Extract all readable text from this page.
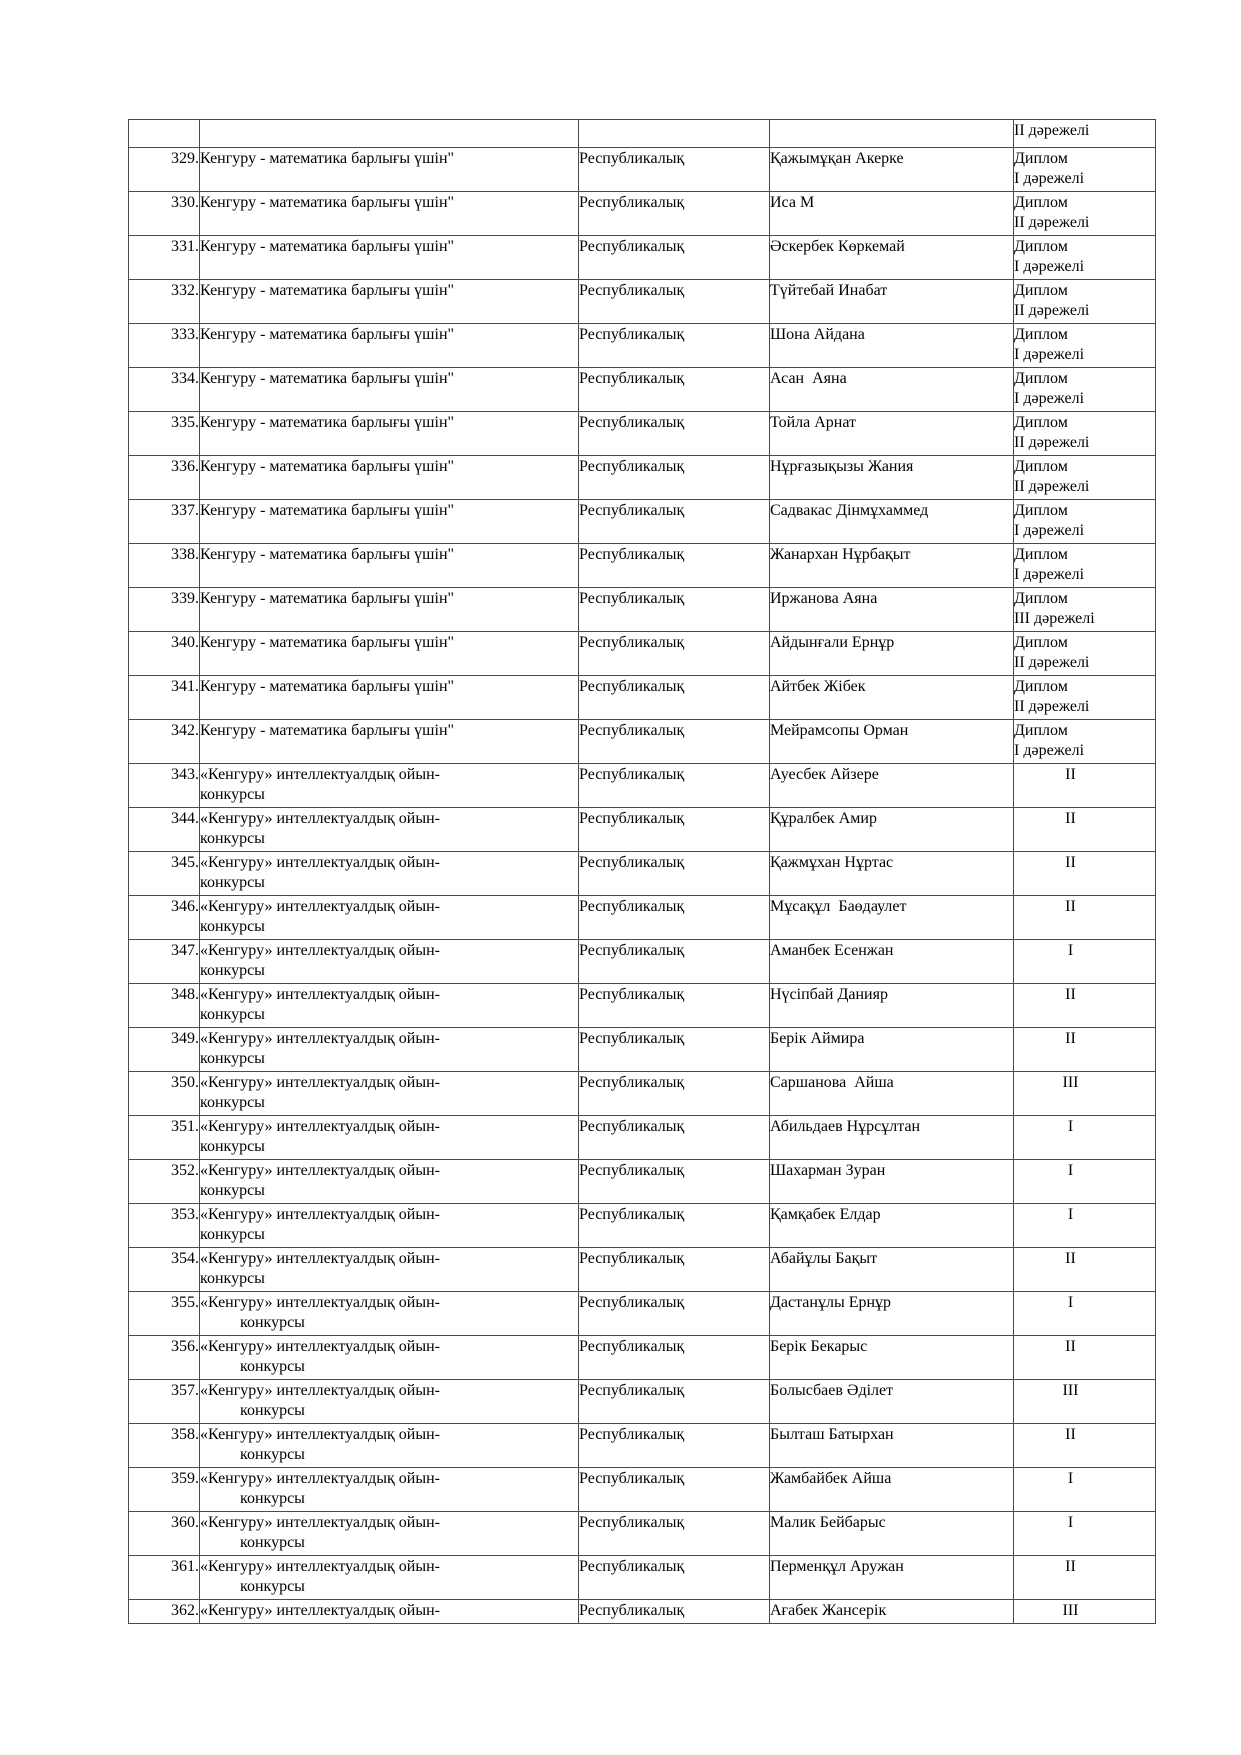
				II дәрежелі

329.	Кенгуру - математика барлығы үшін"	Республикалық	Қажымұқан Акерке	Диплом
I дәрежелі

330.	Кенгуру - математика барлығы үшін"	Республикалық	Иса М	Диплом
II дәрежелі

331.	Кенгуру - математика барлығы үшін"	Республикалық	Әскербек Көркемай	Диплом
I дәрежелі

332.	Кенгуру - математика барлығы үшін"	Республикалық	Түйтебай Инабат	Диплом
II дәрежелі

333.	Кенгуру - математика барлығы үшін"	Республикалық	Шона Айдана	Диплом
I дәрежелі

334.	Кенгуру - математика барлығы үшін"	Республикалық	Асан  Аяна	Диплом
I дәрежелі

335.	Кенгуру - математика барлығы үшін"	Республикалық	Тойла Арнат	Диплом
II дәрежелі

336.	Кенгуру - математика барлығы үшін"	Республикалық	Нұрғазықызы Жания	Диплом
II дәрежелі

337.	Кенгуру - математика барлығы үшін"	Республикалық	Садвакас Дінмұхаммед	Диплом
I дәрежелі

338.	Кенгуру - математика барлығы үшін"	Республикалық	Жанархан Нұрбақыт	Диплом
I дәрежелі

339.	Кенгуру - математика барлығы үшін"	Республикалық	Иржанова Аяна	Диплом
III дәрежелі

340.	Кенгуру - математика барлығы үшін"	Республикалық	Айдынғали Ернұр	Диплом
II дәрежелі

341.	Кенгуру - математика барлығы үшін"	Республикалық	Айтбек Жібек	Диплом
II дәрежелі

342.	Кенгуру - математика барлығы үшін"	Республикалық	Мейрамсопы Орман	Диплом
I дәрежелі

343.	«Кенгуру» интеллектуалдық ойын-
конкурсы	Республикалық	Ауесбек Айзере	II

344.	«Кенгуру» интеллектуалдық ойын-
конкурсы	Республикалық	Құралбек Амир	II

345.	«Кенгуру» интеллектуалдық ойын-
конкурсы	Республикалық	Қажмұхан Нұртас	II

346.	«Кенгуру» интеллектуалдық ойын-
конкурсы	Республикалық	Мұсақұл  Баөдаулет	II

347.	«Кенгуру» интеллектуалдық ойын-
конкурсы	Республикалық	Аманбек Есенжан	I

348.	«Кенгуру» интеллектуалдық ойын-
конкурсы	Республикалық	Нүсіпбай Данияр	II

349.	«Кенгуру» интеллектуалдық ойын-
конкурсы	Республикалық	Берік Аймира	II

350.	«Кенгуру» интеллектуалдық ойын-
конкурсы	Республикалық	Саршанова  Айша	III

351.	«Кенгуру» интеллектуалдық ойын-
конкурсы	Республикалық	Абильдаев Нұрсұлтан	I

352.	«Кенгуру» интеллектуалдық ойын-
конкурсы	Республикалық	Шахарман Зуран	I

353.	«Кенгуру» интеллектуалдық ойын-
конкурсы	Республикалық	Қамқабек Елдар	I

354.	«Кенгуру» интеллектуалдық ойын-
конкурсы	Республикалық	Абайұлы Бақыт	II

355.	«Кенгуру» интеллектуалдық ойын-
конкурсы	Республикалық	Дастанұлы Ернұр	I

356.	«Кенгуру» интеллектуалдық ойын-
конкурсы	Республикалық	Берік Бекарыс	II

357.	«Кенгуру» интеллектуалдық ойын-
конкурсы	Республикалық	Болысбаев Әділет	III

358.	«Кенгуру» интеллектуалдық ойын-
конкурсы	Республикалық	Былташ Батырхан	II

359.	«Кенгуру» интеллектуалдық ойын-
конкурсы	Республикалық	Жамбайбек Айша	I

360.	«Кенгуру» интеллектуалдық ойын-
конкурсы	Республикалық	Малик Бейбарыс	I

361.	«Кенгуру» интеллектуалдық ойын-
конкурсы	Республикалық	Перменқұл Аружан	II

362.	«Кенгуру» интеллектуалдық ойын-	Республикалық	Ағабек Жансерік	III
